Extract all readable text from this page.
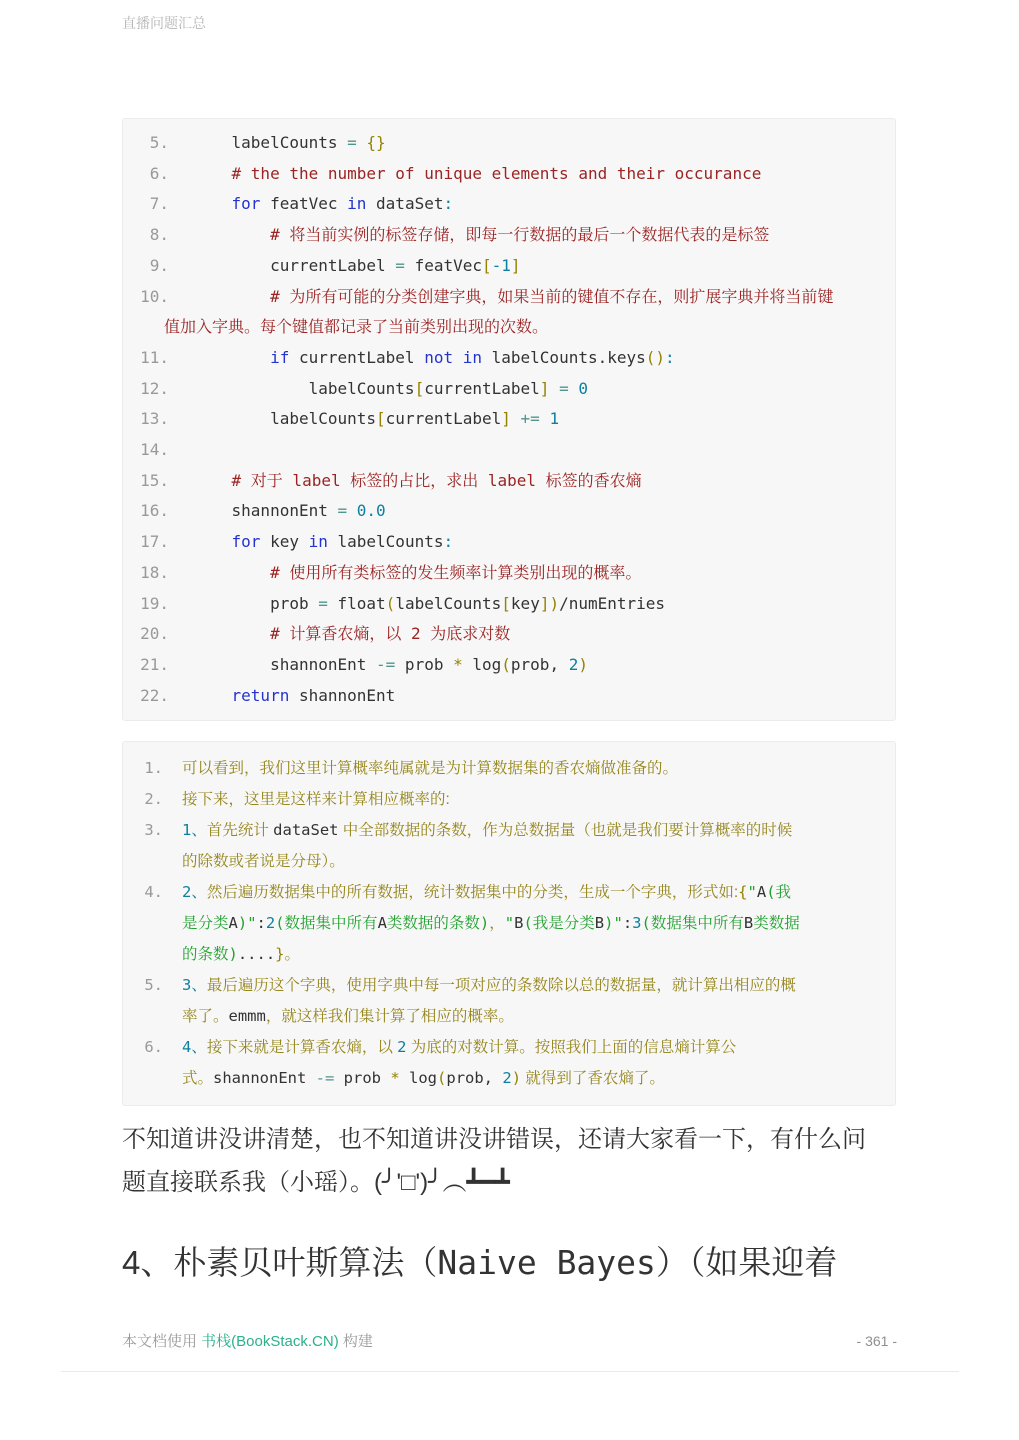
直播问题汇总
5.	labelCounts = {}
6.	# the the number of unique elements and their occurance
7.	for featVec in dataSet:
8.	# 将当前实例的标签存储，即每一行数据的最后一个数据代表的是标签
9.	currentLabel = featVec[-1]
10.	# 为所有可能的分类创建字典，如果当前的键值不存在，则扩展字典并将当前键
值加入字典。每个键值都记录了当前类别出现的次数。
11.	if currentLabel not in labelCounts.keys():
12.	labelCounts[currentLabel] = 0
13.	labelCounts[currentLabel] += 1
14.
15.	# 对于 label 标签的占比，求出 label 标签的香农熵
16.	shannonEnt = 0.0
17.	for key in labelCounts:
18.	# 使用所有类标签的发生频率计算类别出现的概率。
19.	prob = float(labelCounts[key])/numEntries
20.	# 计算香农熵，以 2 为底求对数
21.	shannonEnt -= prob * log(prob, 2)
22.	return shannonEnt
1.	可以看到，我们这里计算概率纯属就是为计算数据集的香农熵做准备的。
2.	接下来，这里是这样来计算相应概率的:
3.	1、首先统计 dataSet 中全部数据的条数，作为总数据量（也就是我们要计算概率的时候
的除数或者说是分母）。
4.	2、然后遍历数据集中的所有数据，统计数据集中的分类，生成一个字典，形式如:{"A(我
是分类A)":2(数据集中所有A类数据的条数)，"B(我是分类B)":3(数据集中所有B类数据
的条数)....}。
5.	3、最后遍历这个字典，使用字典中每一项对应的条数除以总的数据量，就计算出相应的概
率了。emmm，就这样我们集计算了相应的概率。
6.	4、接下来就是计算香农熵，以 2 为底的对数计算。按照我们上面的信息熵计算公
式。shannonEnt -= prob * log(prob, 2) 就得到了香农熵了。
不知道讲没讲清楚，也不知道讲没讲错误，还请大家看一下，有什么问
题直接联系我（小瑶）。(╯'□')╯︵┻━┻
4、朴素贝叶斯算法（Naive Bayes）（如果迎着
本文档使用 书栈(BookStack.CN) 构建	- 361 -
